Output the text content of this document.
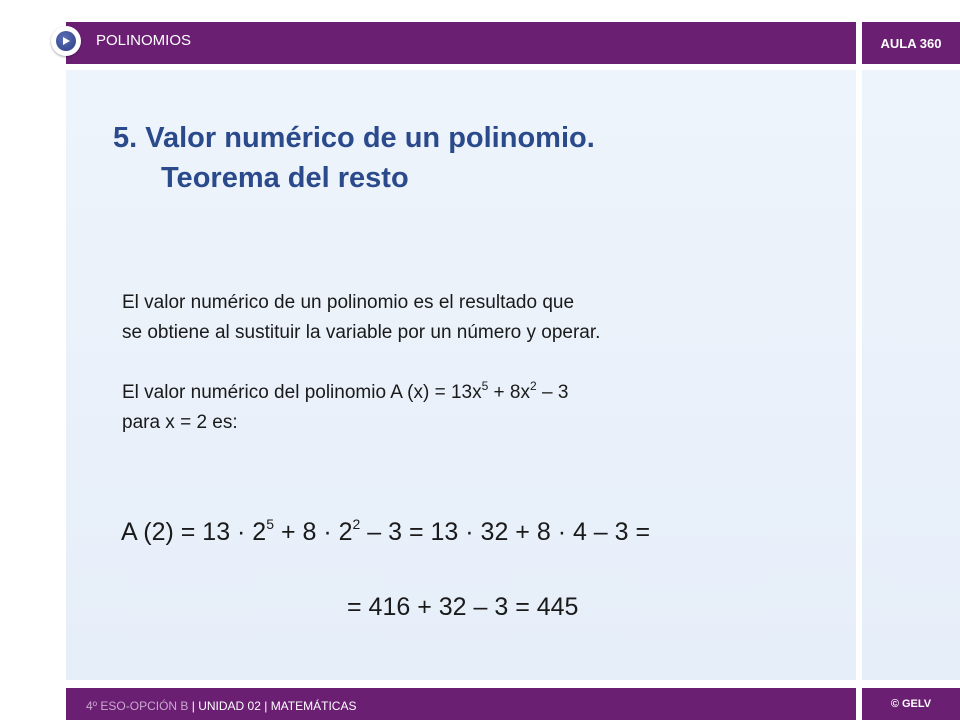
POLINOMIOS	AULA 360
5. Valor numérico de un polinomio.
Teorema del resto

El valor numérico de un polinomio es el resultado que

se obtiene al sustituir la variable por un número y operar.

El valor numérico del polinomio A $(x) = 13x^5 + 8x^2 - 3$

para x = 2 es:

A $(2) = 13 \cdot 2^5 + 8 \cdot 2^2 - 3 = 13 \cdot 32 + 8 \cdot 4 - 3$ =
= 416 + 32 – 3 = 445
4º ESO-OPCIÓN B | UNIDAD 02 | MATEMÁTICAS	© GELV
